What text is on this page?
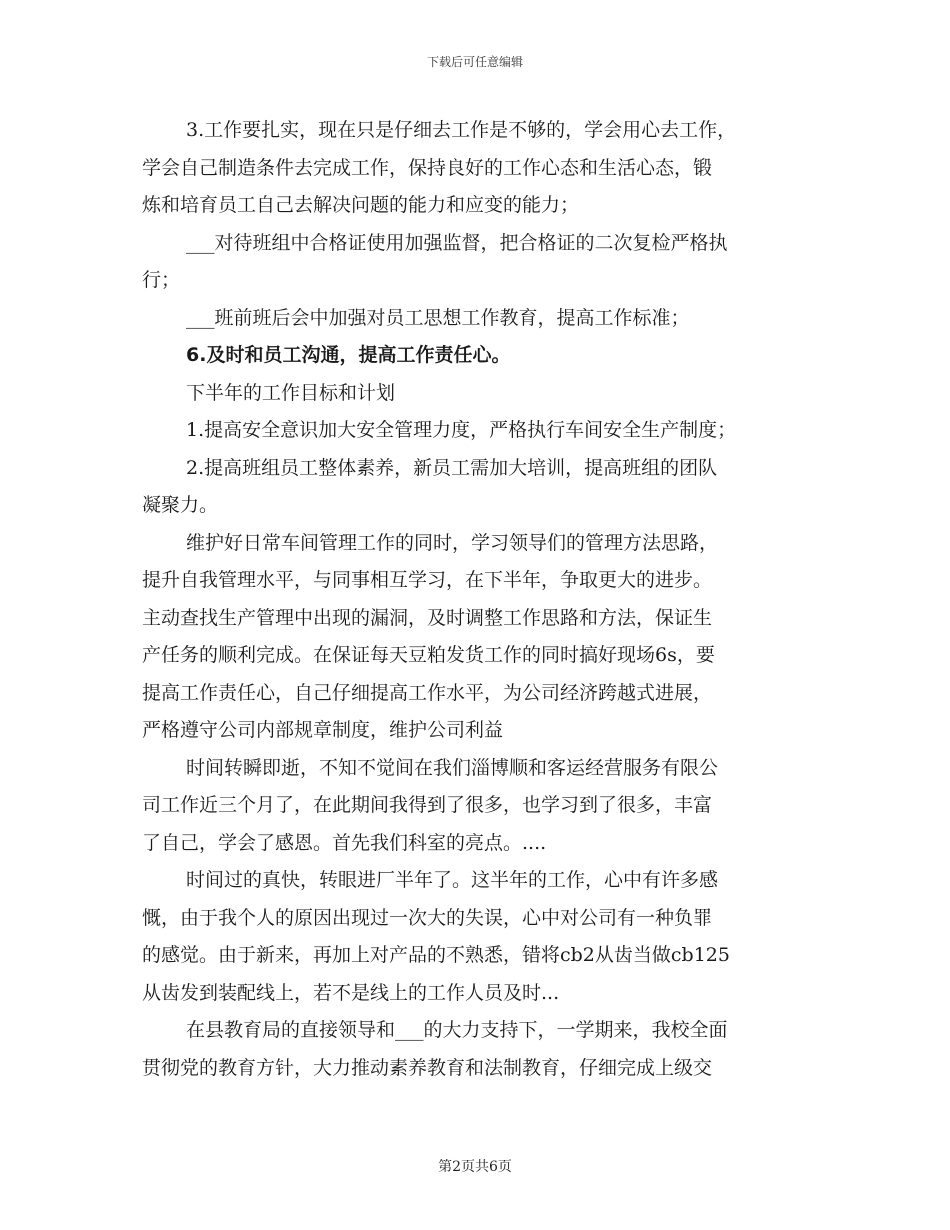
下载后可任意编辑
3.工作要扎实，现在只是仔细去工作是不够的，学会用心去工作，
学会自己制造条件去完成工作，保持良好的工作心态和生活心态，锻
炼和培育员工自己去解决问题的能力和应变的能力；
___对待班组中合格证使用加强监督，把合格证的二次复检严格执
行；
___班前班后会中加强对员工思想工作教育，提高工作标准；
6.及时和员工沟通，提高工作责任心。
下半年的工作目标和计划
1.提高安全意识加大安全管理力度，严格执行车间安全生产制度；
2.提高班组员工整体素养，新员工需加大培训，提高班组的团队
凝聚力。
维护好日常车间管理工作的同时，学习领导们的管理方法思路，
提升自我管理水平，与同事相互学习，在下半年，争取更大的进步。
主动查找生产管理中出现的漏洞，及时调整工作思路和方法，保证生
产任务的顺利完成。在保证每天豆粕发货工作的同时搞好现场6s，要
提高工作责任心，自己仔细提高工作水平，为公司经济跨越式进展，
严格遵守公司内部规章制度，维护公司利益
时间转瞬即逝，不知不觉间在我们淄博顺和客运经营服务有限公
司工作近三个月了，在此期间我得到了很多，也学习到了很多，丰富
了自己，学会了感恩。首先我们科室的亮点。....
时间过的真快，转眼进厂半年了。这半年的工作，心中有许多感
慨，由于我个人的原因出现过一次大的失误，心中对公司有一种负罪
的感觉。由于新来，再加上对产品的不熟悉，错将cb2从齿当做cb125
从齿发到装配线上，若不是线上的工作人员及时...
在县教育局的直接领导和___的大力支持下，一学期来，我校全面
贯彻党的教育方针，大力推动素养教育和法制教育，仔细完成上级交
第2页共6页
